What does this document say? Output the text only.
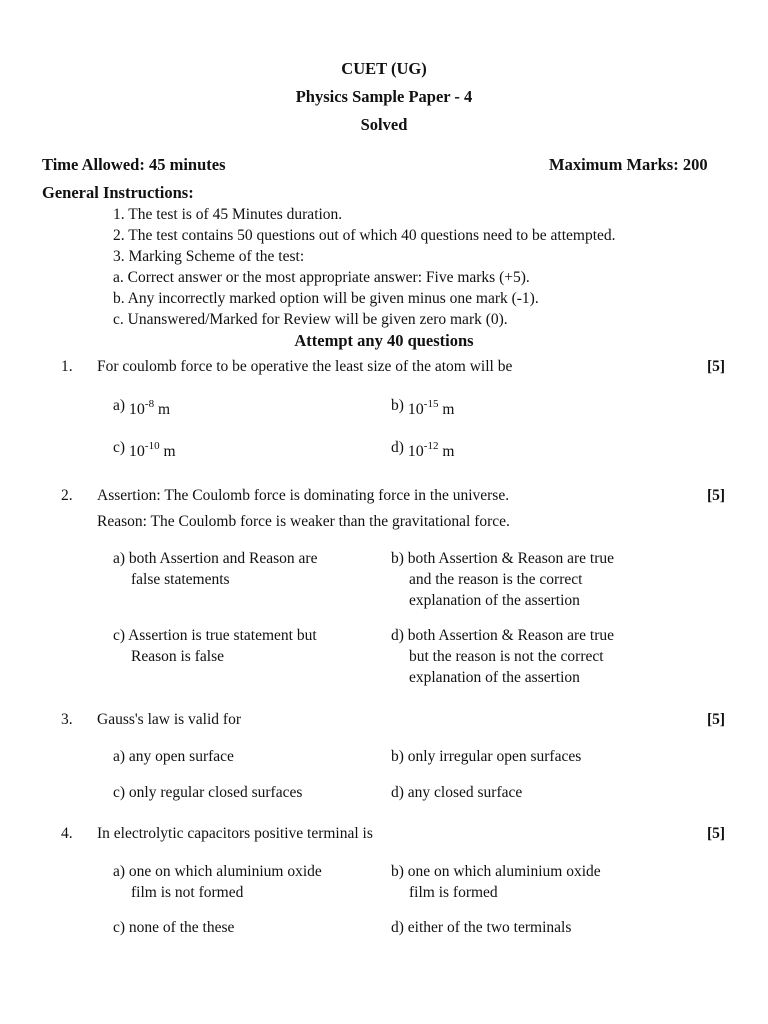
CUET (UG)
Physics Sample Paper - 4
Solved
Time Allowed: 45 minutes	Maximum Marks: 200
General Instructions:
1. The test is of 45 Minutes duration.
2. The test contains 50 questions out of which 40 questions need to be attempted.
3. Marking Scheme of the test:
a. Correct answer or the most appropriate answer: Five marks (+5).
b. Any incorrectly marked option will be given minus one mark (-1).
c. Unanswered/Marked for Review will be given zero mark (0).
Attempt any 40 questions
1. For coulomb force to be operative the least size of the atom will be	[5]
a) 10-8 m	b) 10-15 m
c) 10-10 m	d) 10-12 m
2. Assertion: The Coulomb force is dominating force in the universe.
Reason: The Coulomb force is weaker than the gravitational force.
[5]
a) both Assertion and Reason are
false statements
b) both Assertion & Reason are true
and the reason is the correct
explanation of the assertion
c) Assertion is true statement but
Reason is false
d) both Assertion & Reason are true
but the reason is not the correct
explanation of the assertion
3. Gauss's law is valid for	[5]
a) any open surface	b) only irregular open surfaces
c) only regular closed surfaces	d) any closed surface
4. In electrolytic capacitors positive terminal is	[5]
a) one on which aluminium oxide
film is not formed
b) one on which aluminium oxide
film is formed
c) none of the these	d) either of the two terminals
